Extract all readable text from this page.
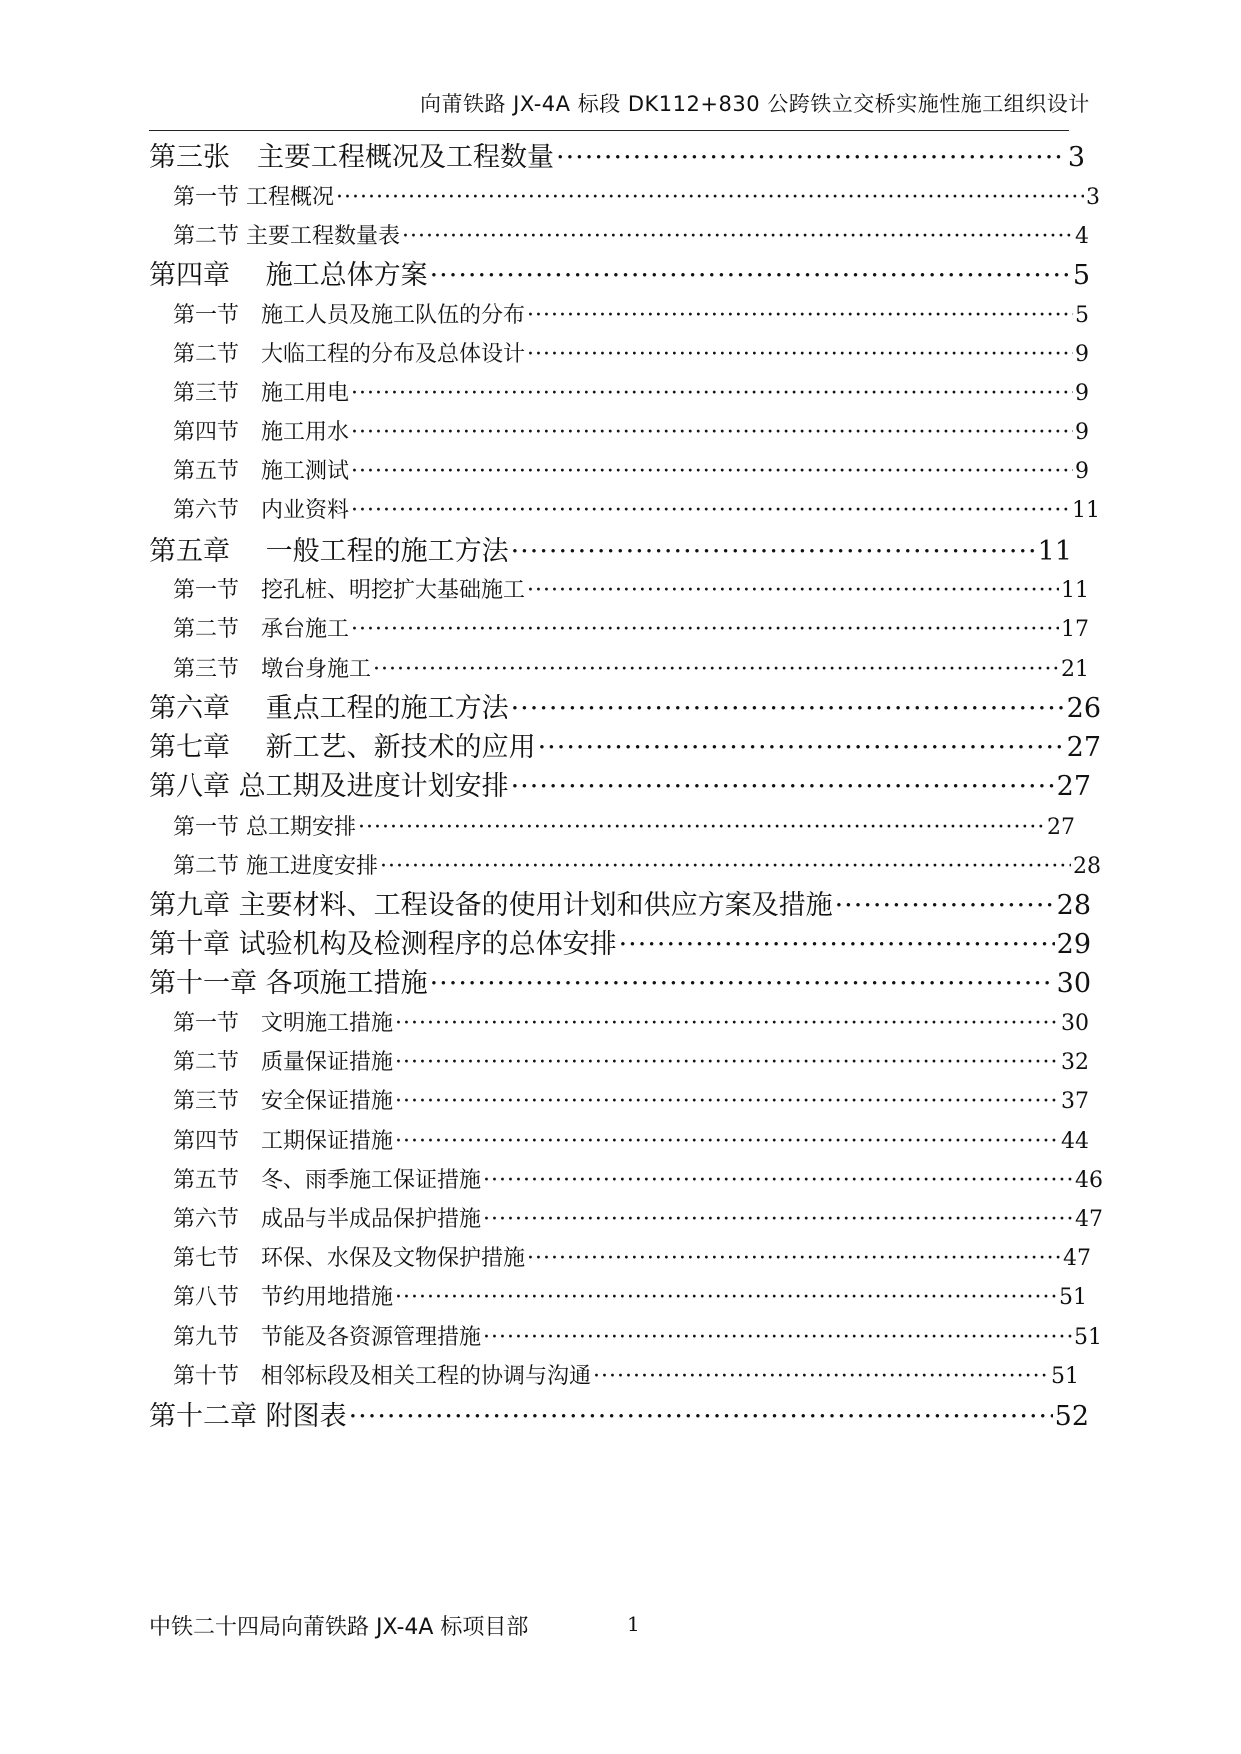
向莆铁路 JX-4A 标段 DK112+830 公跨铁立交桥实施性施工组织设计
第三张　主要工程概况及工程数量 ·····	3
第一节 工程概况 ·····	3
第二节 主要工程数量表 ·····	4
第四章　 施工总体方案 ·····	5
第一节　施工人员及施工队伍的分布 ·····	5
第二节　大临工程的分布及总体设计 ·····	9
第三节　施工用电 ·····	9
第四节　施工用水 ·····	9
第五节　施工测试 ·····	9
第六节　内业资料 ·····	11
第五章　 一般工程的施工方法 ·····	11
第一节　挖孔桩、明挖扩大基础施工 ·····	11
第二节　承台施工 ·····	17
第三节　墩台身施工 ·····	21
第六章　 重点工程的施工方法 ·····	26
第七章　 新工艺、新技术的应用 ·····	27
第八章 总工期及进度计划安排 ·····	27
第一节 总工期安排 ·····	27
第二节 施工进度安排 ·····	28
第九章 主要材料、工程设备的使用计划和供应方案及措施 ·····	28
第十章 试验机构及检测程序的总体安排 ·····	29
第十一章 各项施工措施 ·····	30
第一节　文明施工措施 ·····	30
第二节　质量保证措施 ·····	32
第三节　安全保证措施 ·····	37
第四节　工期保证措施 ·····	44
第五节　冬、雨季施工保证措施 ·····	46
第六节　成品与半成品保护措施 ·····	47
第七节　环保、水保及文物保护措施 ·····	47
第八节　节约用地措施 ·····	51
第九节　节能及各资源管理措施 ·····	51
第十节　相邻标段及相关工程的协调与沟通 ·····	51
第十二章 附图表 ·····	52
中铁二十四局向莆铁路 JX-4A 标项目部	1
